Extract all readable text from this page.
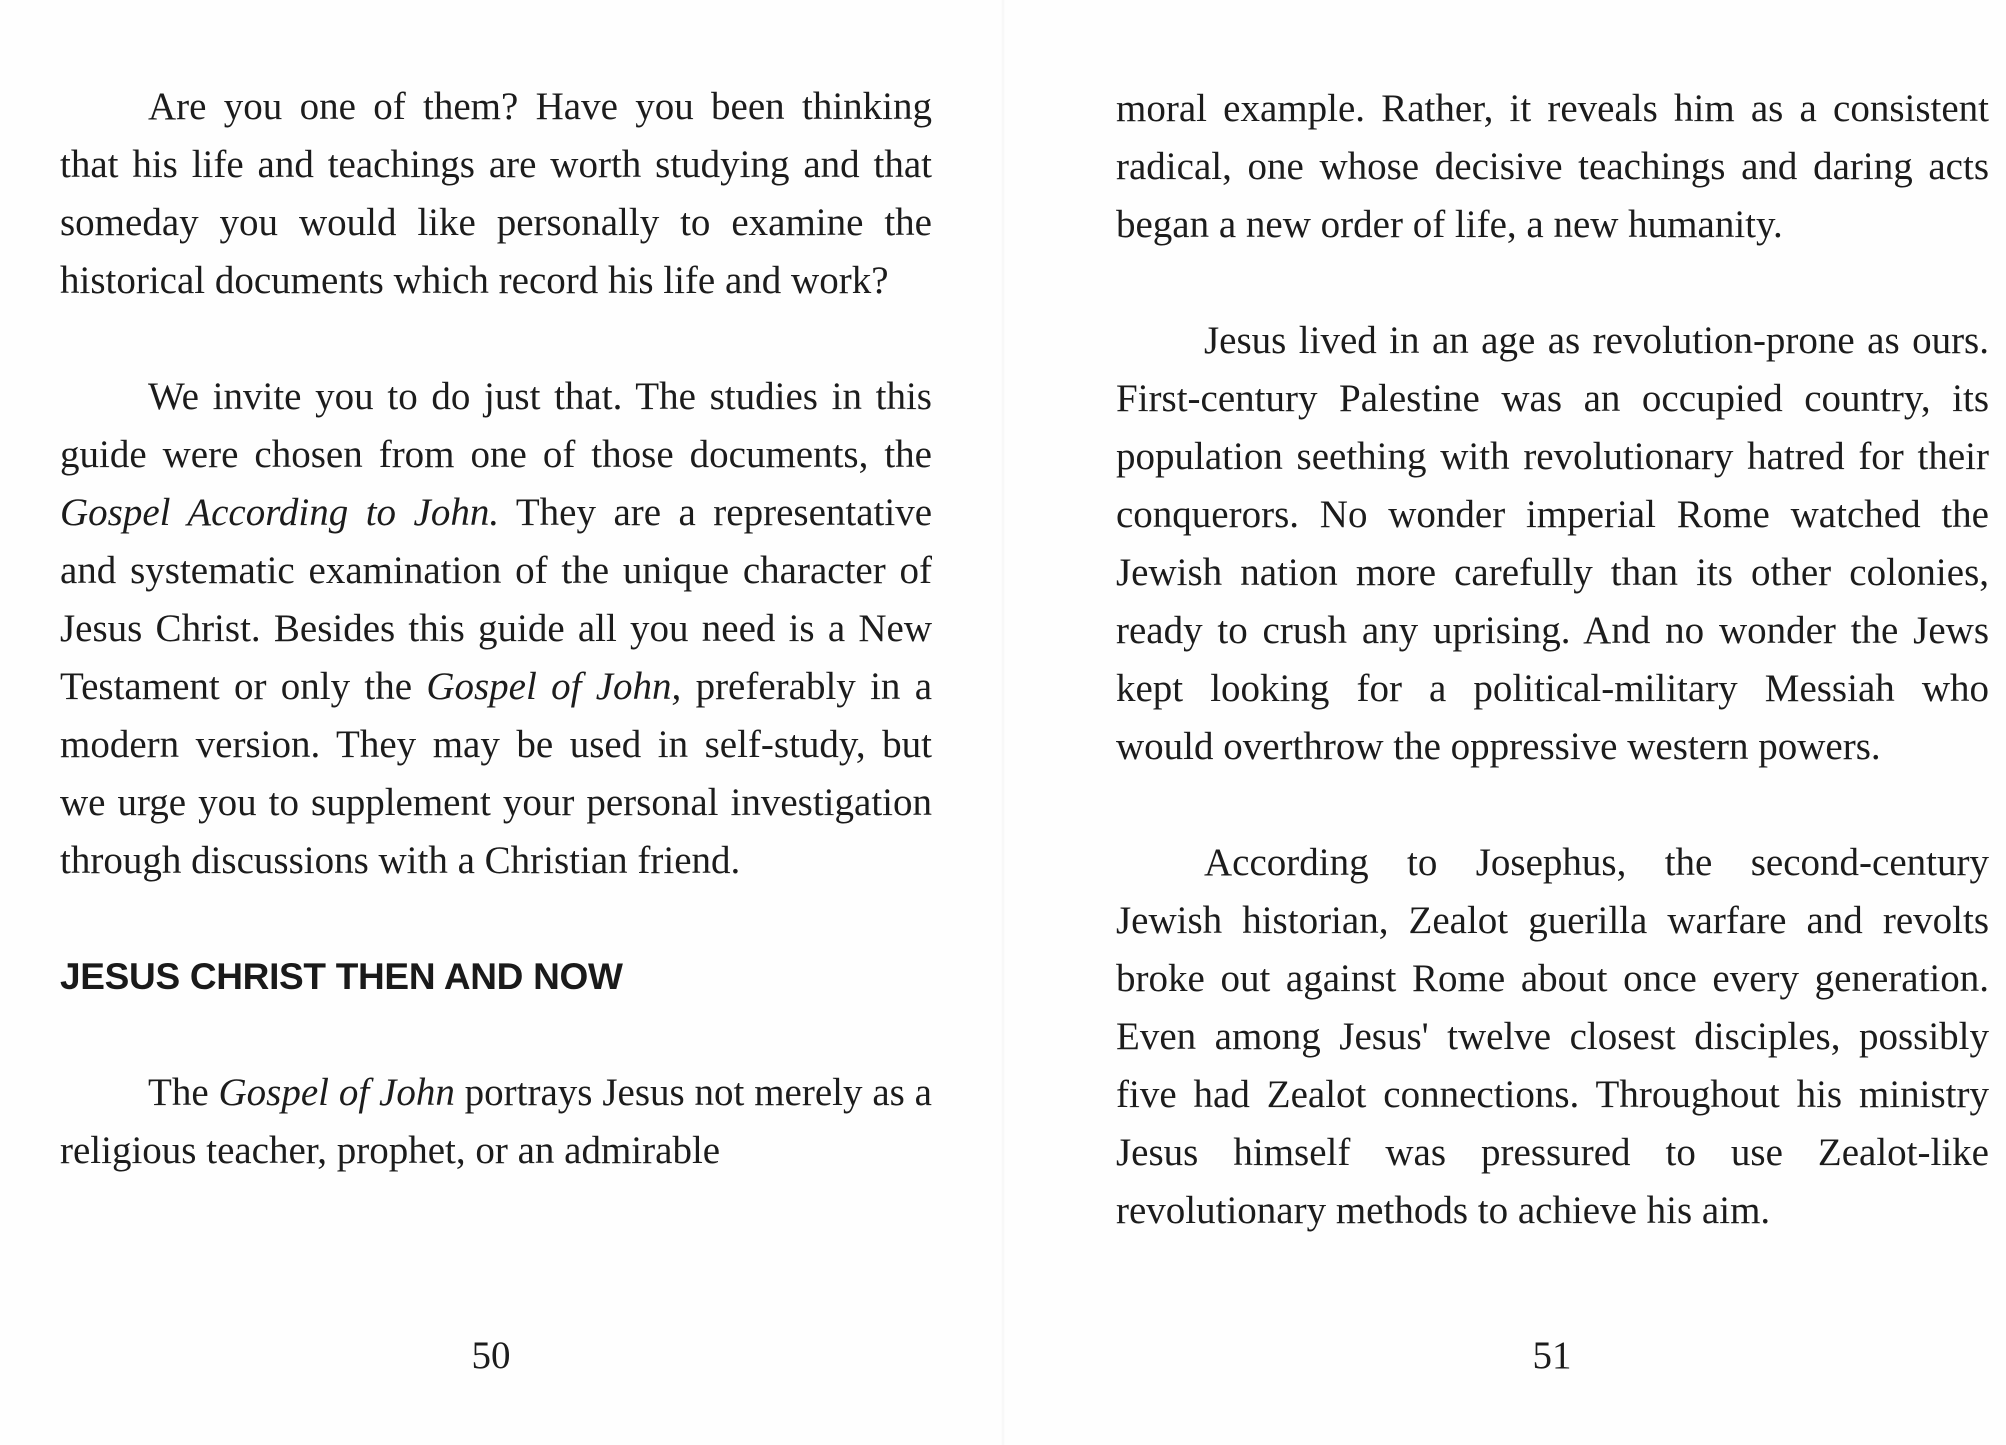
Are you one of them? Have you been thinking that his life and teachings are worth studying and that someday you would like personally to examine the historical documents which record his life and work?

We invite you to do just that. The studies in this guide were chosen from one of those documents, the Gospel According to John. They are a representative and systematic examination of the unique character of Jesus Christ. Besides this guide all you need is a New Testament or only the Gospel of John, preferably in a modern version. They may be used in self-study, but we urge you to supplement your personal investigation through discussions with a Christian friend.

JESUS CHRIST THEN AND NOW

The Gospel of John portrays Jesus not merely as a religious teacher, prophet, or an admirable

50

moral example. Rather, it reveals him as a consistent radical, one whose decisive teachings and daring acts began a new order of life, a new humanity.

Jesus lived in an age as revolution-prone as ours. First-century Palestine was an occupied country, its population seething with revolutionary hatred for their conquerors. No wonder imperial Rome watched the Jewish nation more carefully than its other colonies, ready to crush any uprising. And no wonder the Jews kept looking for a political-military Messiah who would overthrow the oppressive western powers.

According to Josephus, the second-century Jewish historian, Zealot guerilla warfare and revolts broke out against Rome about once every generation. Even among Jesus' twelve closest disciples, possibly five had Zealot connections. Throughout his ministry Jesus himself was pressured to use Zealot-like revolutionary methods to achieve his aim.

51
